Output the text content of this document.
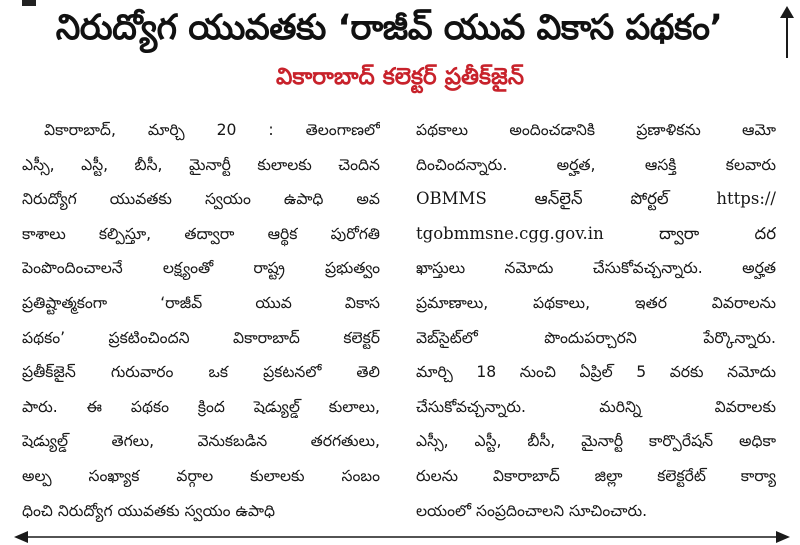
నిరుద్యోగ యువతకు ‘రాజీవ్ యువ వికాస పథకం’
వికారాబాద్ కలెక్టర్ ప్రతీక్‌జైన్
వికారాబాద్, మార్చి 20 : తెలంగాణలో
ఎస్సీ, ఎస్టీ, బీసీ, మైనార్టీ కులాలకు చెందిన
నిరుద్యోగ యువతకు స్వయం ఉపాధి అవ
కాశాలు కల్పిస్తూ, తద్వారా ఆర్థిక పురోగతి
పెంపొందించాలనే లక్ష్యంతో రాష్ట్ర ప్రభుత్వం
ప్రతిష్టాత్మకంగా ‘రాజీవ్ యువ వికాస
పథకం’ ప్రకటించిందని వికారాబాద్ కలెక్టర్
ప్రతీక్‌జైన్ గురువారం ఒక ప్రకటనలో తెలి
పారు. ఈ పథకం క్రింద షెడ్యుల్డ్ కులాలు,
షెడ్యుల్డ్ తెగలు, వెనుకబడిన తరగతులు,
అల్ప సంఖ్యాక వర్గాల కులాలకు సంబం
ధించి నిరుద్యోగ యువతకు స్వయం ఉపాధి
పథకాలు అందించడానికి ప్రణాళికను ఆమో
దించిందన్నారు. అర్హత, ఆసక్తి కలవారు
OBMMS ఆన్‌లైన్ పోర్టల్ https://
tgobmmsne.cgg.gov.in ద్వారా దర
ఖాస్తులు నమోదు చేసుకోవచ్చన్నారు. అర్హత
ప్రమాణాలు, పథకాలు, ఇతర వివరాలను
వెబ్‌సైట్‌లో పొందుపర్చారని పేర్కొన్నారు.
మార్చి 18 నుంచి ఏప్రిల్ 5 వరకు నమోదు
చేసుకోవచ్చన్నారు. మరిన్ని వివరాలకు
ఎస్సీ, ఎస్టీ, బీసీ, మైనార్టీ కార్పొరేషన్ అధికా
రులను వికారాబాద్ జిల్లా కలెక్టరేట్ కార్యా
లయంలో సంప్రదించాలని సూచించారు.
